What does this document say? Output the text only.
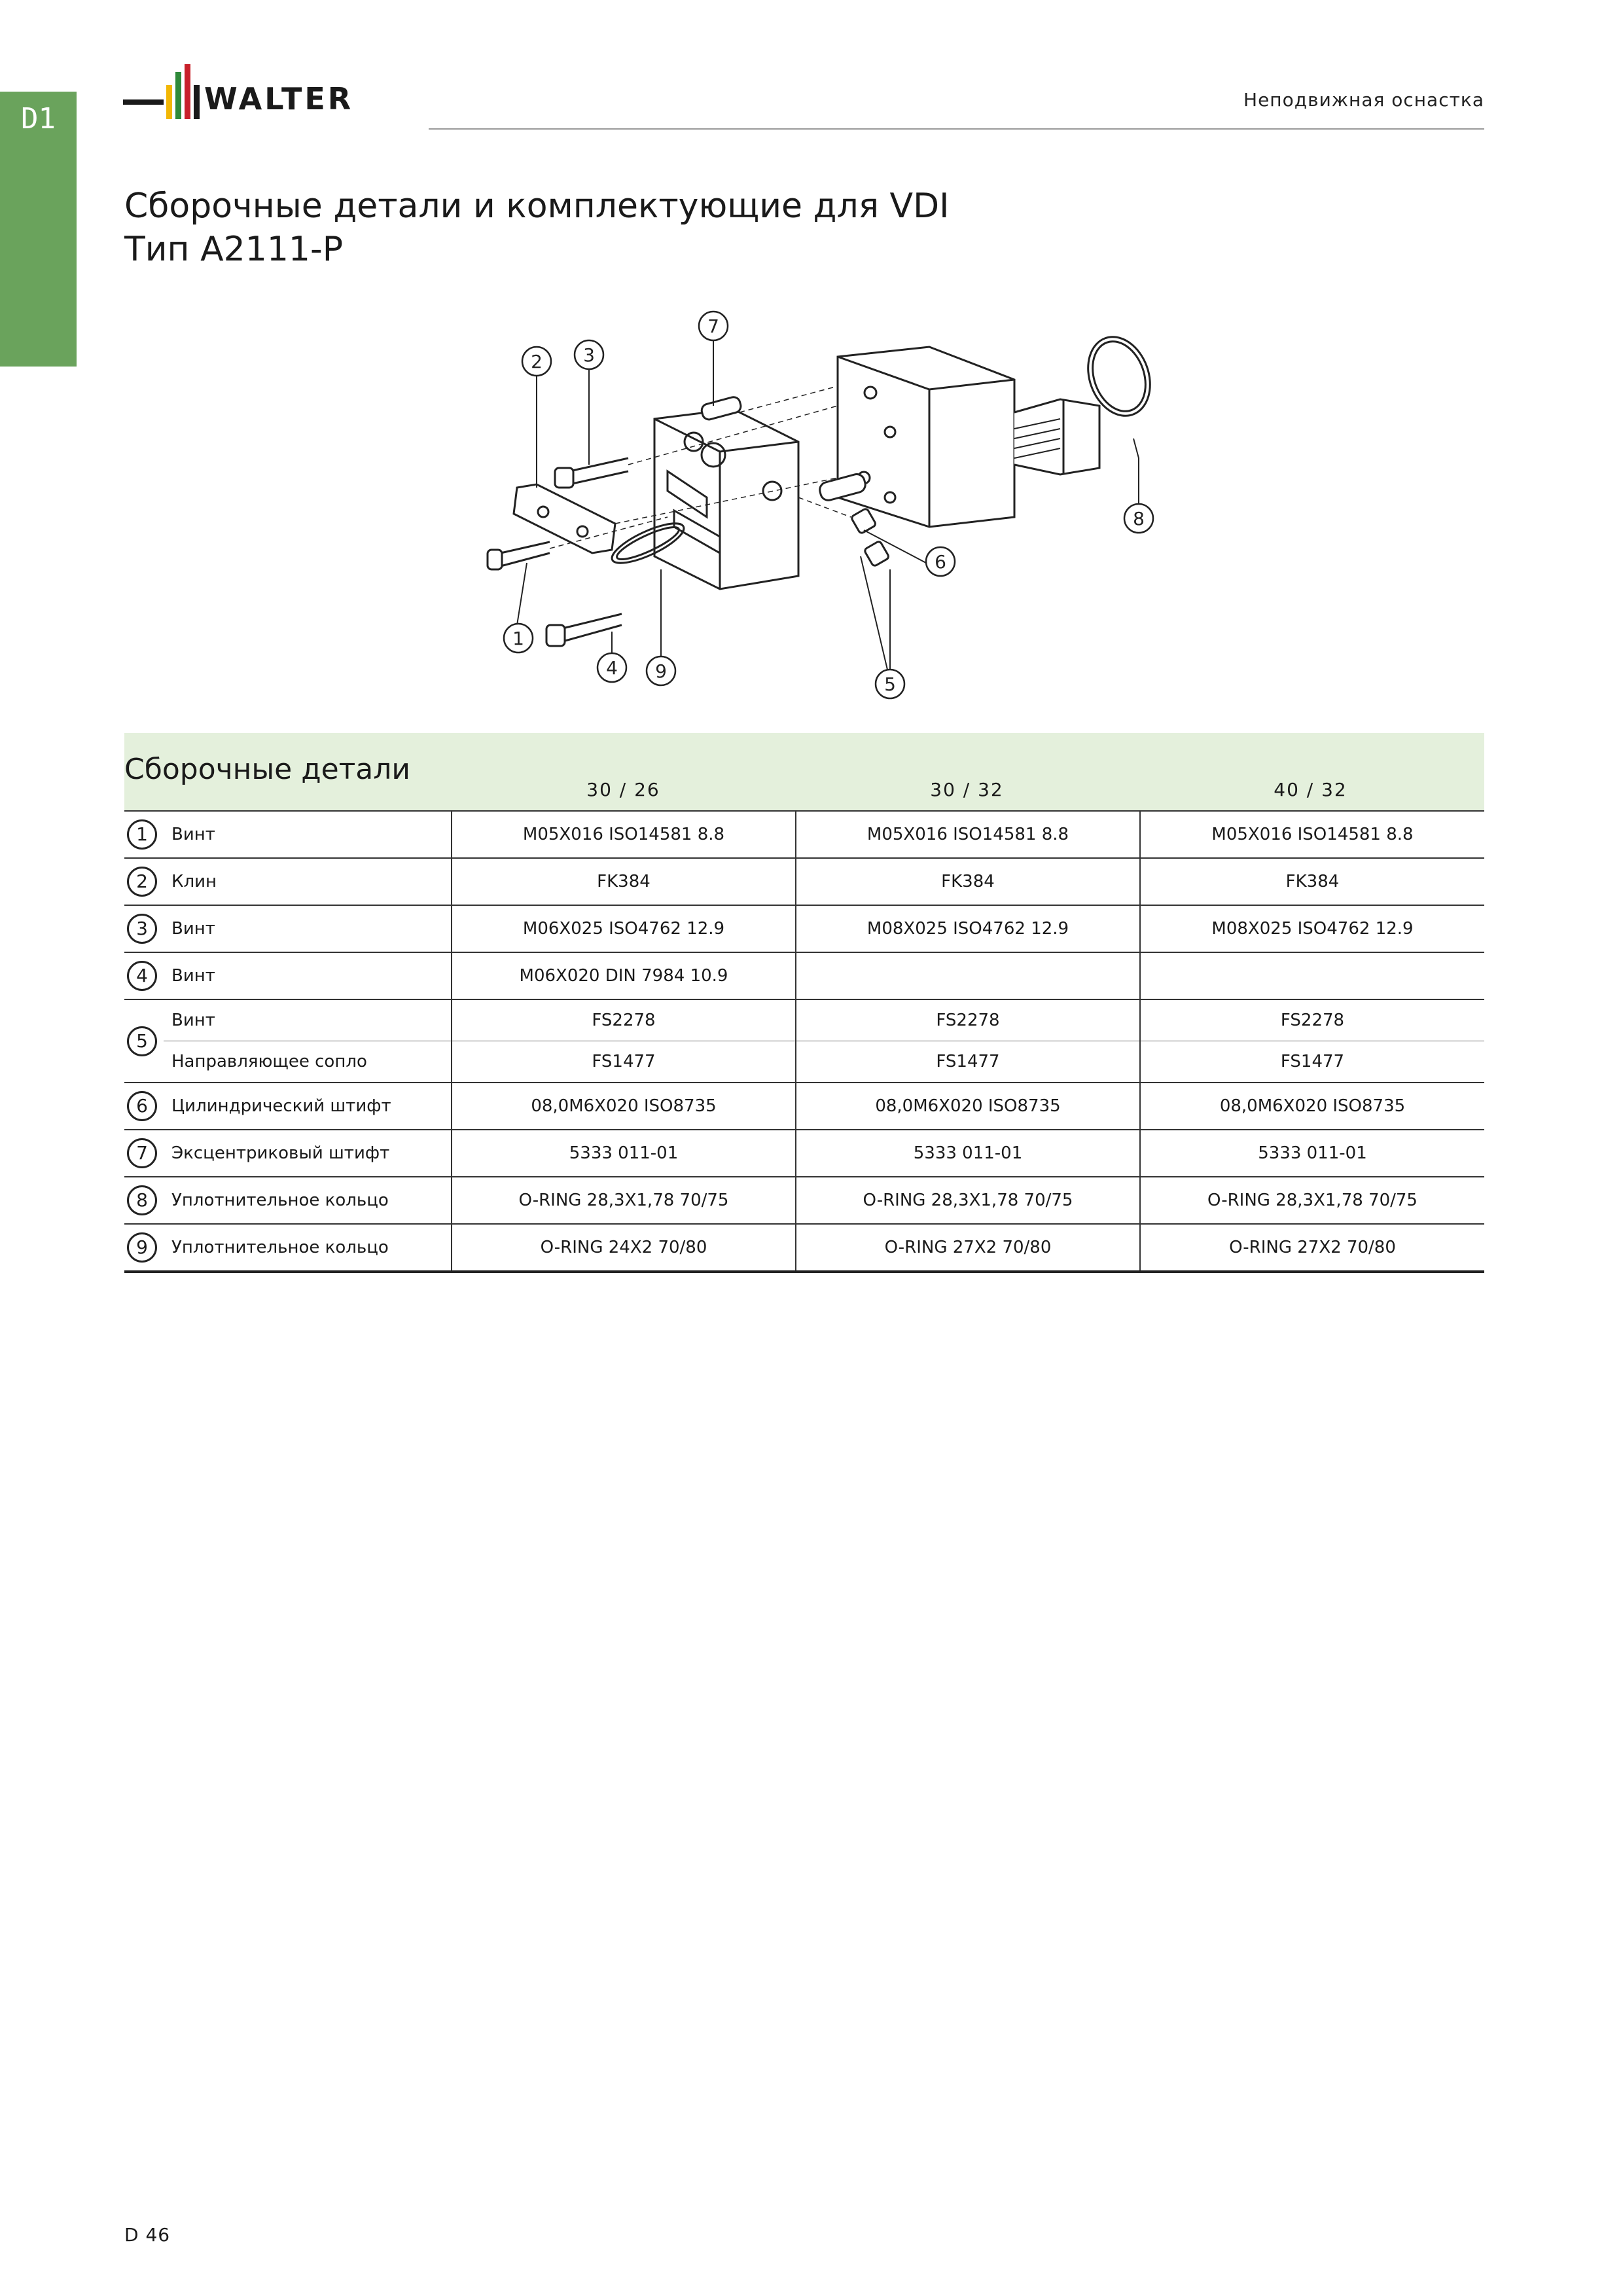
D1
WALTER	Неподвижная оснастка
Сборочные детали и комплектующие для VDI
Тип A2111-P
1
2 3
4
5
6
7
8
9
Сборочные детали
30 / 26	30 / 32	40 / 32
1	Винт	M05X016 ISO14581 8.8	M05X016 ISO14581 8.8	M05X016 ISO14581 8.8
2	Клин	FK384	FK384	FK384
3	Винт	M06X025 ISO4762 12.9	M08X025 ISO4762 12.9	M08X025 ISO4762 12.9
4	Винт	M06X020 DIN 7984 10.9		
5	Винт	FS2278	FS2278	FS2278
	Направляющее сопло	FS1477	FS1477	FS1477
6	Цилиндрический штифт	08,0M6X020 ISO8735	08,0M6X020 ISO8735	08,0M6X020 ISO8735
7	Эксцентриковый штифт	5333 011-01	5333 011-01	5333 011-01
8	Уплотнительное кольцо	O-RING 28,3X1,78 70/75	O-RING 28,3X1,78 70/75	O-RING 28,3X1,78 70/75
9	Уплотнительное кольцо	O-RING 24X2 70/80	O-RING 27X2 70/80	O-RING 27X2 70/80
D 46
